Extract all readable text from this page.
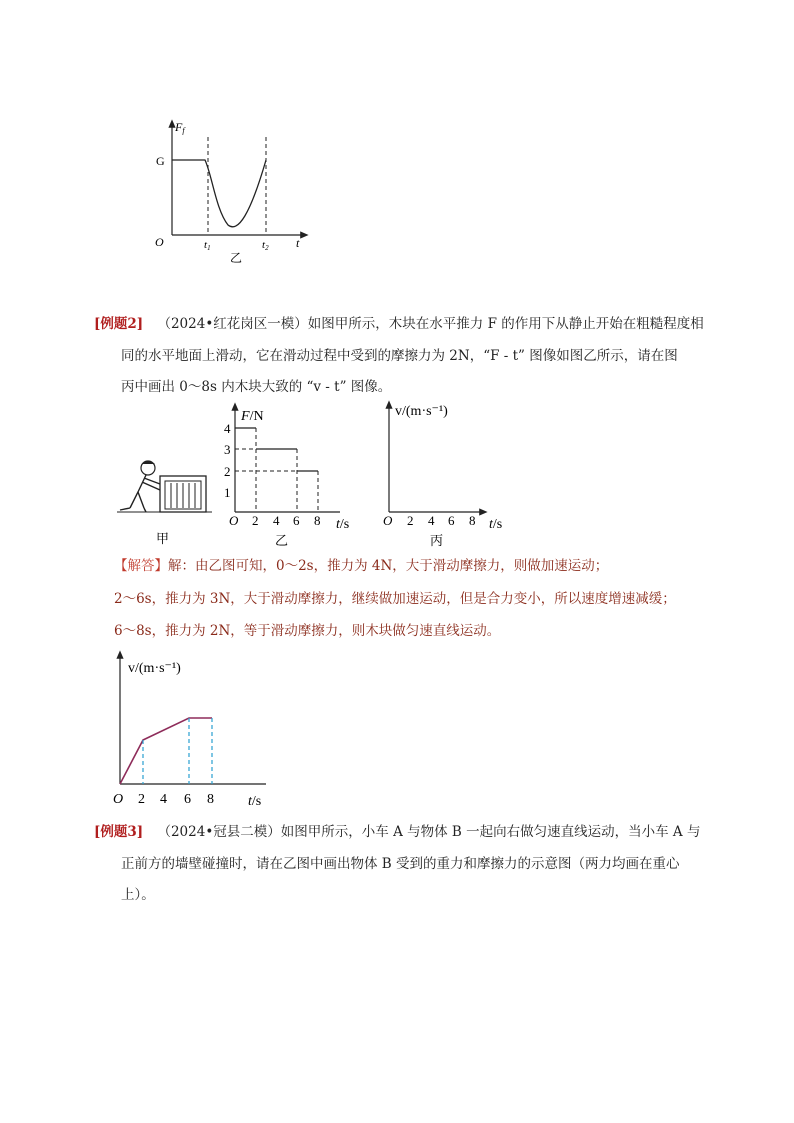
Ff
G
O	t1	t2 t
乙
[例题2] （2024•红花岗区一模）如图甲所示，木块在水平推力 F 的作用下从静止开始在粗糙程度相
同的水平地面上滑动，它在滑动过程中受到的摩擦力为 2N，“F - t” 图像如图乙所示，请在图
丙中画出 0～8s 内木块大致的 “v - t” 图像。
甲
F/N
4
3
2
1
O 2 4 6 8 t/s
乙
v/(m·s⁻¹)
O 2 4 6 8 t/s
丙
【解答】解：由乙图可知，0～2s，推力为 4N，大于滑动摩擦力，则做加速运动；
2～6s，推力为 3N，大于滑动摩擦力，继续做加速运动，但是合力变小，所以速度增速减缓；
6～8s，推力为 2N，等于滑动摩擦力，则木块做匀速直线运动。
v/(m·s⁻¹)
O 2 4 6 8 t/s
[例题3] （2024•冠县二模）如图甲所示，小车 A 与物体 B 一起向右做匀速直线运动，当小车 A 与
正前方的墙壁碰撞时，请在乙图中画出物体 B 受到的重力和摩擦力的示意图（两力均画在重心
上）。
